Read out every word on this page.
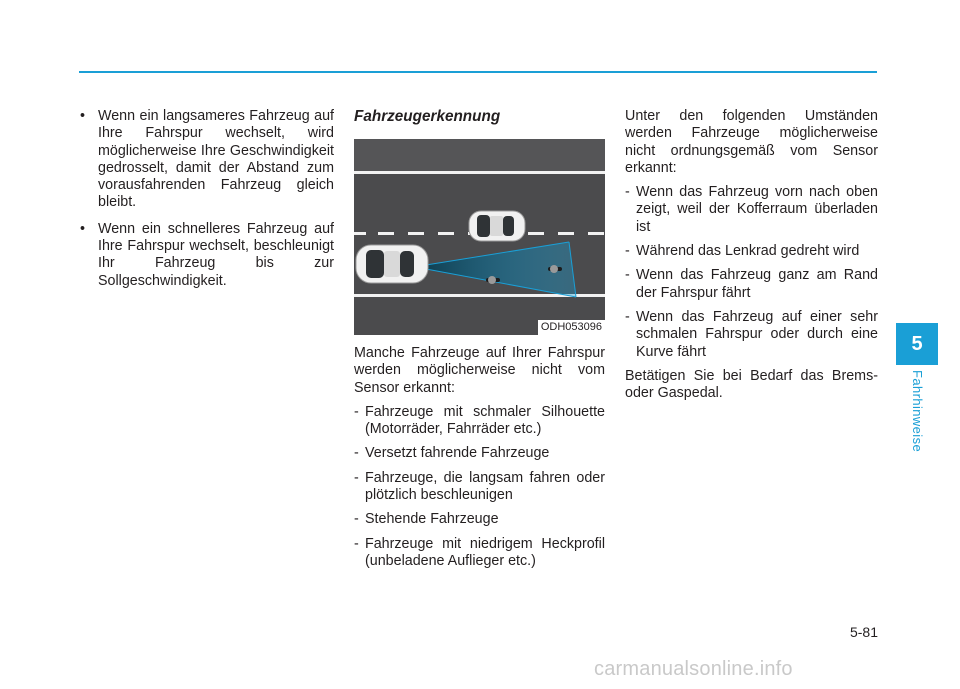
• Wenn ein langsameres Fahrzeug auf Ihre Fahrspur wechselt, wird möglicherweise Ihre Geschwindigkeit gedrosselt, damit der Abstand zum vorausfahrenden Fahrzeug gleich bleibt.
• Wenn ein schnelleres Fahrzeug auf Ihre Fahrspur wechselt, beschleunigt Ihr Fahrzeug bis zur Sollgeschwindigkeit.
Fahrzeugerkennung
ODH053096

Manche Fahrzeuge auf Ihrer Fahrspur werden möglicherweise nicht vom Sensor erkannt:

- Fahrzeuge mit schmaler Silhouette (Motorräder, Fahrräder etc.)
- Versetzt fahrende Fahrzeuge
- Fahrzeuge, die langsam fahren oder plötzlich beschleunigen
- Stehende Fahrzeuge
- Fahrzeuge mit niedrigem Heckprofil (unbeladene Auflieger etc.)

Unter den folgenden Umständen werden Fahrzeuge möglicherweise nicht ordnungsgemäß vom Sensor erkannt:

- Wenn das Fahrzeug vorn nach oben zeigt, weil der Kofferraum überladen ist
- Während das Lenkrad gedreht wird
- Wenn das Fahrzeug ganz am Rand der Fahrspur fährt
- Wenn das Fahrzeug auf einer sehr schmalen Fahrspur oder durch eine Kurve fährt

Betätigen Sie bei Bedarf das Brems- oder Gaspedal.

5
Fahrhinweise
5-81
carmanualsonline.info
